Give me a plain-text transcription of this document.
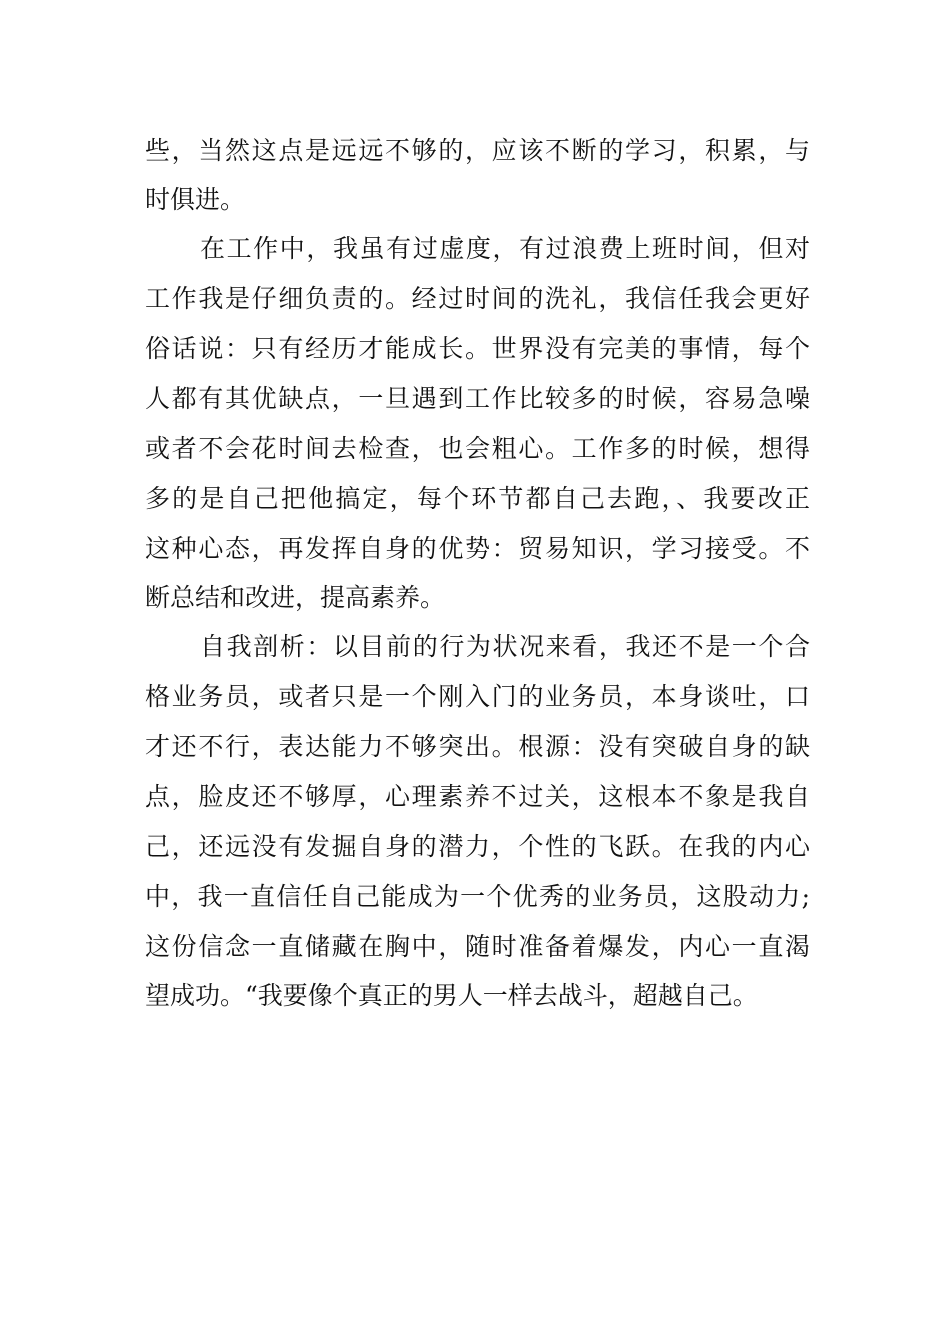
些，当然这点是远远不够的，应该不断的学习，积累，与
时俱进。
在工作中，我虽有过虚度，有过浪费上班时间，但对
工作我是仔细负责的。经过时间的洗礼，我信任我会更好
俗话说：只有经历才能成长。世界没有完美的事情，每个
人都有其优缺点，一旦遇到工作比较多的时候，容易急噪
或者不会花时间去检查，也会粗心。工作多的时候，想得
多的是自己把他搞定，每个环节都自己去跑，、我要改正
这种心态，再发挥自身的优势：贸易知识，学习接受。不
断总结和改进，提高素养。
自我剖析：以目前的行为状况来看，我还不是一个合
格业务员，或者只是一个刚入门的业务员，本身谈吐，口
才还不行，表达能力不够突出。根源：没有突破自身的缺
点，脸皮还不够厚，心理素养不过关，这根本不象是我自
己，还远没有发掘自身的潜力，个性的飞跃。在我的内心
中，我一直信任自己能成为一个优秀的业务员，这股动力;
这份信念一直储藏在胸中，随时准备着爆发，内心一直渴
望成功。“我要像个真正的男人一样去战斗，超越自己。
